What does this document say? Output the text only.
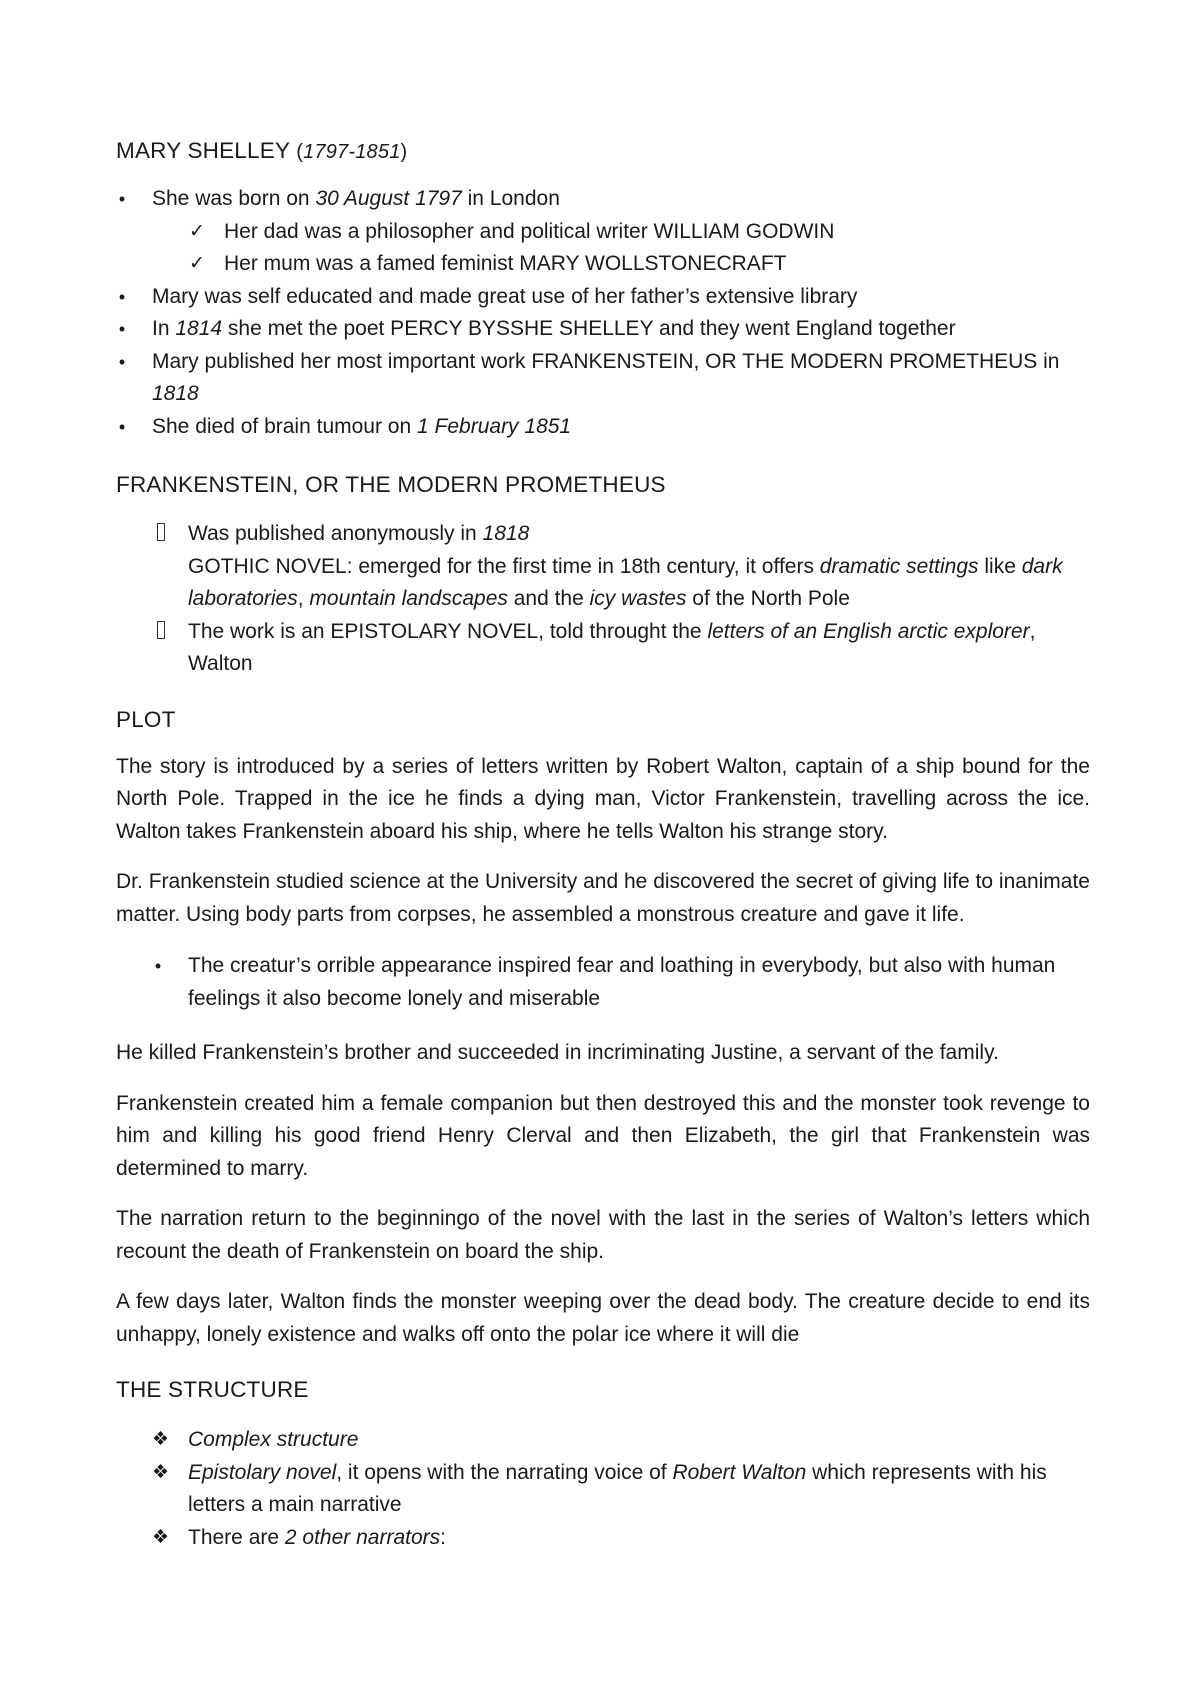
MARY SHELLEY (1797-1851)
• She was born on 30 August 1797 in London
✓ Her dad was a philosopher and political writer WILLIAM GODWIN
✓ Her mum was a famed feminist MARY WOLLSTONECRAFT
• Mary was self educated and made great use of her father’s extensive library
• In 1814 she met the poet PERCY BYSSHE SHELLEY and they went England together
• Mary published her most important work FRANKENSTEIN, OR THE MODERN PROMETHEUS in 1818
• She died of brain tumour on 1 February 1851
FRANKENSTEIN, OR THE MODERN PROMETHEUS
Was published anonymously in 1818
GOTHIC NOVEL: emerged for the first time in 18th century, it offers dramatic settings like dark laboratories, mountain landscapes and the icy wastes of the North Pole
The work is an EPISTOLARY NOVEL, told throught the letters of an English arctic explorer, Walton
PLOT

The story is introduced by a series of letters written by Robert Walton, captain of a ship bound for the North Pole. Trapped in the ice he finds a dying man, Victor Frankenstein, travelling across the ice. Walton takes Frankenstein aboard his ship, where he tells Walton his strange story.

Dr. Frankenstein studied science at the University and he discovered the secret of giving life to inanimate matter. Using body parts from corpses, he assembled a monstrous creature and gave it life.

• The creatur’s orrible appearance inspired fear and loathing in everybody, but also with human feelings it also become lonely and miserable

He killed Frankenstein’s brother and succeeded in incriminating Justine, a servant of the family.

Frankenstein created him a female companion but then destroyed this and the monster took revenge to him and killing his good friend Henry Clerval and then Elizabeth, the girl that Frankenstein was determined to marry.

The narration return to the beginningo of the novel with the last in the series of Walton’s letters which recount the death of Frankenstein on board the ship.

A few days later, Walton finds the monster weeping over the dead body. The creature decide to end its unhappy, lonely existence and walks off onto the polar ice where it will die

THE STRUCTURE
❖ Complex structure
❖ Epistolary novel, it opens with the narrating voice of Robert Walton which represents with his letters a main narrative
❖ There are 2 other narrators:
